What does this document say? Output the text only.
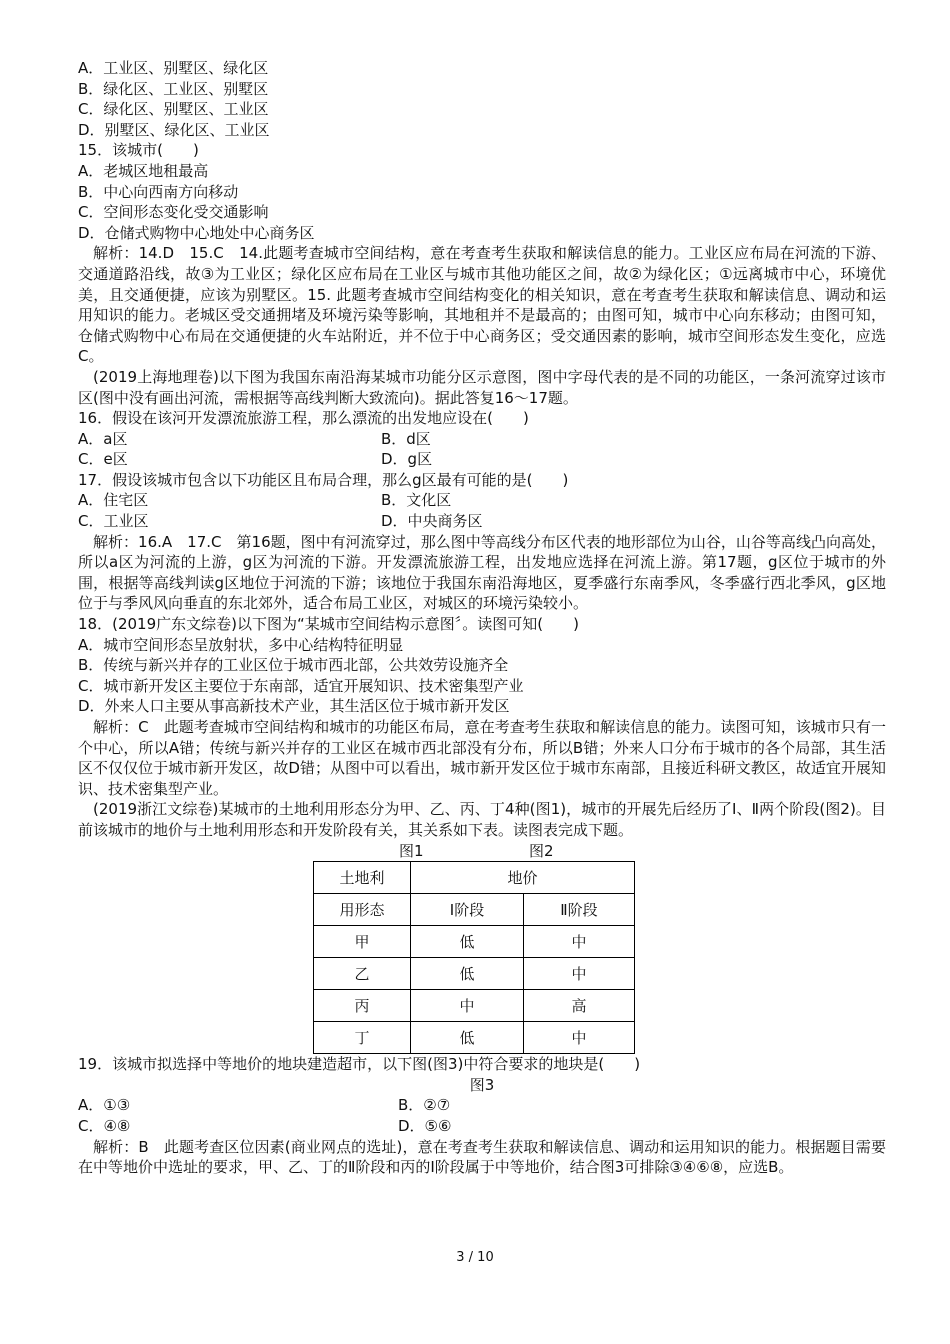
A．工业区、别墅区、绿化区
B．绿化区、工业区、别墅区
C．绿化区、别墅区、工业区
D．别墅区、绿化区、工业区
15．该城市(　　)
A．老城区地租最高
B．中心向西南方向移动
C．空间形态变化受交通影响
D．仓储式购物中心地处中心商务区
解析：14.D　15.C　14.此题考查城市空间结构，意在考查考生获取和解读信息的能力。工业区应布局在河流的下游、交通道路沿线，故③为工业区；绿化区应布局在工业区与城市其他功能区之间，故②为绿化区；①远离城市中心，环境优美，且交通便捷，应该为别墅区。15. 此题考查城市空间结构变化的相关知识，意在考查考生获取和解读信息、调动和运用知识的能力。老城区受交通拥堵及环境污染等影响，其地租并不是最高的；由图可知，城市中心向东移动；由图可知，仓储式购物中心布局在交通便捷的火车站附近，并不位于中心商务区；受交通因素的影响，城市空间形态发生变化，应选C。
(2019上海地理卷)以下图为我国东南沿海某城市功能分区示意图，图中字母代表的是不同的功能区，一条河流穿过该市区(图中没有画出河流，需根据等高线判断大致流向)。据此答复16～17题。
16．假设在该河开发漂流旅游工程，那么漂流的出发地应设在(　　)
A．a区	B．d区
C．e区	D．g区
17．假设该城市包含以下功能区且布局合理，那么g区最有可能的是(　　)
A．住宅区	B．文化区
C．工业区	D．中央商务区
解析：16.A　17.C　第16题，图中有河流穿过，那么图中等高线分布区代表的地形部位为山谷，山谷等高线凸向高处，所以a区为河流的上游，g区为河流的下游。开发漂流旅游工程，出发地应选择在河流上游。第17题，g区位于城市的外围，根据等高线判读g区地位于河流的下游；该地位于我国东南沿海地区，夏季盛行东南季风，冬季盛行西北季风，g区地位于与季风风向垂直的东北郊外，适合布局工业区，对城区的环境污染较小。
18．(2019广东文综卷)以下图为“某城市空间结构示意图〞。读图可知(　　)
A．城市空间形态呈放射状，多中心结构特征明显
B．传统与新兴并存的工业区位于城市西北部，公共效劳设施齐全
C．城市新开发区主要位于东南部，适宜开展知识、技术密集型产业
D．外来人口主要从事高新技术产业，其生活区位于城市新开发区
解析：C　此题考查城市空间结构和城市的功能区布局，意在考查考生获取和解读信息的能力。读图可知，该城市只有一个中心，所以A错；传统与新兴并存的工业区在城市西北部没有分布，所以B错；外来人口分布于城市的各个局部，其生活区不仅仅位于城市新开发区，故D错；从图中可以看出，城市新开发区位于城市东南部，且接近科研文教区，故适宜开展知识、技术密集型产业。
(2019浙江文综卷)某城市的土地利用形态分为甲、乙、丙、丁4种(图1)，城市的开展先后经历了Ⅰ、Ⅱ两个阶段(图2)。目前该城市的地价与土地利用形态和开发阶段有关，其关系如下表。读图表完成下题。
图1	图2
土地利	地价	
用形态	Ⅰ阶段	Ⅱ阶段
甲	低	中
乙	低	中
丙	中	高
丁	低	中
19．该城市拟选择中等地价的地块建造超市，以下图(图3)中符合要求的地块是(　　)
图3
A．①③	B．②⑦
C．④⑧	D．⑤⑥
解析：B　此题考查区位因素(商业网点的选址)，意在考查考生获取和解读信息、调动和运用知识的能力。根据题目需要在中等地价中选址的要求，甲、乙、丁的Ⅱ阶段和丙的Ⅰ阶段属于中等地价，结合图3可排除③④⑥⑧，应选B。
3 / 10
